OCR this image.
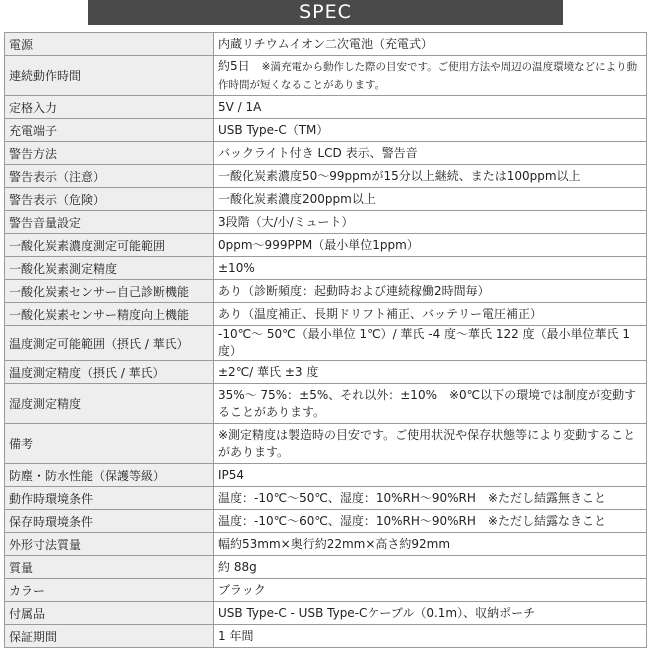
SPEC
電源	内蔵リチウムイオン二次電池（充電式）
連続動作時間	約5日　 ※満充電から動作した際の目安です。ご使用方法や周辺の温度環境などにより動作時間が短くなることがあります。
定格入力	5V / 1A
充電端子	USB Type-C（TM）
警告方法	バックライト付き LCD 表示、警告音
警告表示（注意）	一酸化炭素濃度50～99ppmが15分以上継続、または100ppm以上
警告表示（危険）	一酸化炭素濃度200ppm以上
警告音量設定	3段階（大/小/ミュート）
一酸化炭素濃度測定可能範囲	0ppm～999PPM（最小単位1ppm）
一酸化炭素測定精度	±10%
一酸化炭素センサー自己診断機能	あり（診断頻度：起動時および連続稼働2時間毎）
一酸化炭素センサー精度向上機能	あり（温度補正、長期ドリフト補正、バッテリー電圧補正）
温度測定可能範囲（摂氏 / 華氏）	-10℃～ 50℃（最小単位 1℃）/ 華氏 -4 度～華氏 122 度（最小単位華氏 1 度）
温度測定精度（摂氏 / 華氏）	±2℃/ 華氏 ±3 度
湿度測定精度	35%～ 75%：±5%、それ以外：±10%　※0℃以下の環境では制度が変動することがあります。
備考	※測定精度は製造時の目安です。ご使用状況や保存状態等により変動することがあります。
防塵・防水性能（保護等級）	IP54
動作時環境条件	温度：-10℃～50℃、湿度：10%RH～90%RH　※ただし結露無きこと
保存時環境条件	温度：-10℃～60℃、湿度：10%RH～90%RH　※ただし結露なきこと
外形寸法質量	幅約53mm×奥行約22mm×高さ約92mm
質量	約 88g
カラー	ブラック
付属品	USB Type-C - USB Type-Cケーブル（0.1m）、収納ポーチ
保証期間	1 年間
